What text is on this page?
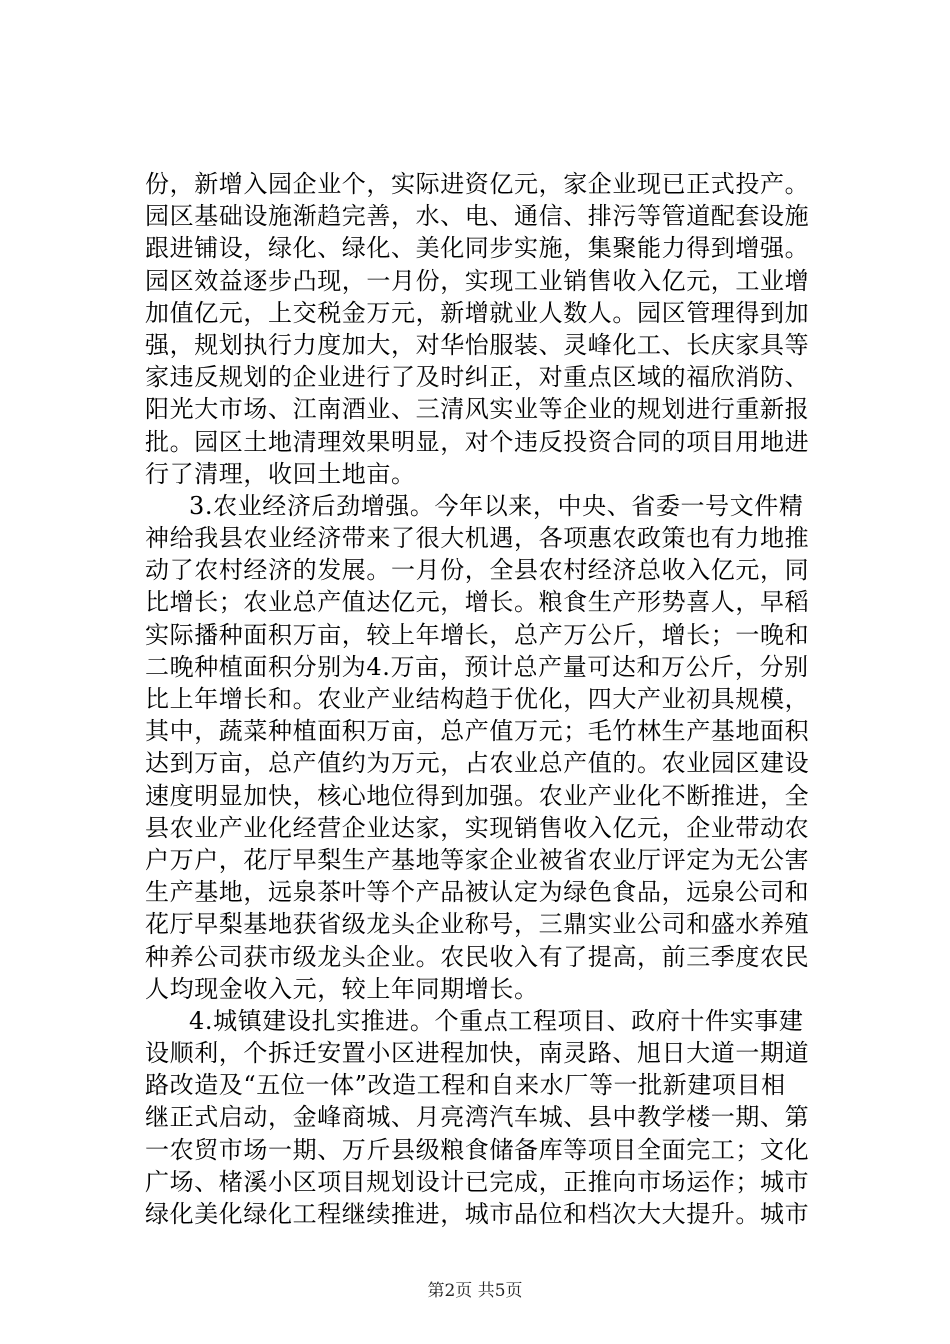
份，新增入园企业个，实际进资亿元，家企业现已正式投产。
园区基础设施渐趋完善，水、电、通信、排污等管道配套设施
跟进铺设，绿化、绿化、美化同步实施，集聚能力得到增强。
园区效益逐步凸现，一月份，实现工业销售收入亿元，工业增
加值亿元，上交税金万元，新增就业人数人。园区管理得到加
强，规划执行力度加大，对华怡服装、灵峰化工、长庆家具等
家违反规划的企业进行了及时纠正，对重点区域的福欣消防、
阳光大市场、江南酒业、三清风实业等企业的规划进行重新报
批。园区土地清理效果明显，对个违反投资合同的项目用地进
行了清理，收回土地亩。
3.农业经济后劲增强。今年以来，中央、省委一号文件精
神给我县农业经济带来了很大机遇，各项惠农政策也有力地推
动了农村经济的发展。一月份，全县农村经济总收入亿元，同
比增长；农业总产值达亿元，增长。粮食生产形势喜人，早稻
实际播种面积万亩，较上年增长，总产万公斤，增长；一晚和
二晚种植面积分别为4.万亩，预计总产量可达和万公斤，分别
比上年增长和。农业产业结构趋于优化，四大产业初具规模，
其中，蔬菜种植面积万亩，总产值万元；毛竹林生产基地面积
达到万亩，总产值约为万元，占农业总产值的。农业园区建设
速度明显加快，核心地位得到加强。农业产业化不断推进，全
县农业产业化经营企业达家，实现销售收入亿元，企业带动农
户万户，花厅早梨生产基地等家企业被省农业厅评定为无公害
生产基地，远泉茶叶等个产品被认定为绿色食品，远泉公司和
花厅早梨基地获省级龙头企业称号，三鼎实业公司和盛水养殖
种养公司获市级龙头企业。农民收入有了提高，前三季度农民
人均现金收入元，较上年同期增长。
4.城镇建设扎实推进。个重点工程项目、政府十件实事建
设顺利，个拆迁安置小区进程加快，南灵路、旭日大道一期道
路改造及“五位一体”改造工程和自来水厂等一批新建项目相
继正式启动，金峰商城、月亮湾汽车城、县中教学楼一期、第
一农贸市场一期、万斤县级粮食储备库等项目全面完工；文化
广场、楮溪小区项目规划设计已完成，正推向市场运作；城市
绿化美化绿化工程继续推进，城市品位和档次大大提升。城市
第2页 共5页
